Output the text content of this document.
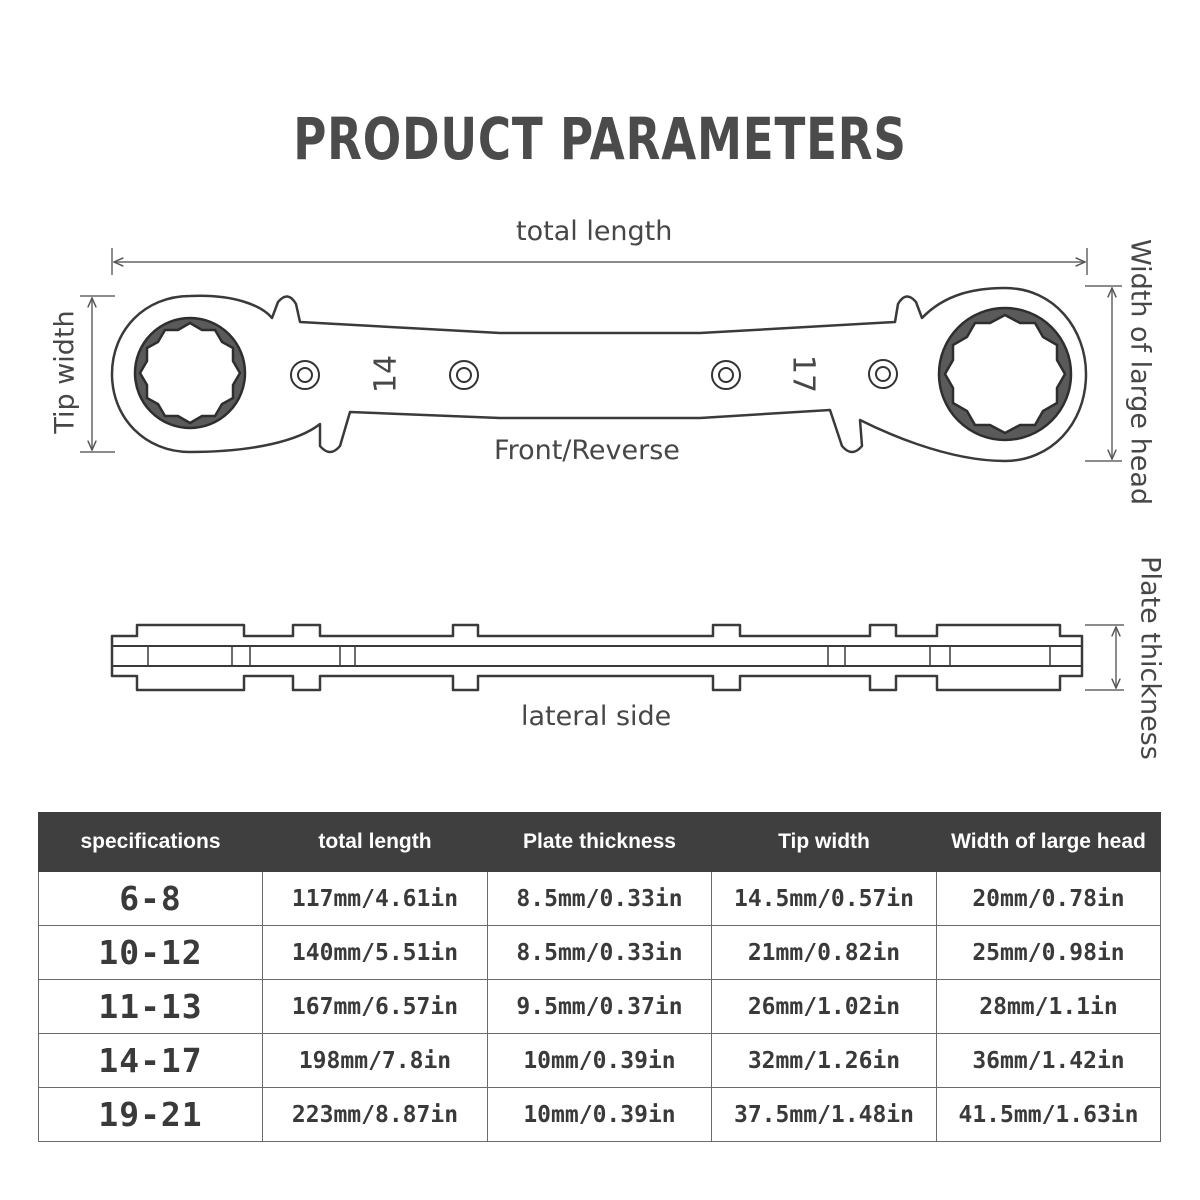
PRODUCT PARAMETERS
total length
Tip width	Width of large head
Front/Reverse
14	17
lateral side	Plate thickness
specifications	total length	Plate thickness	Tip width	Width of large head
6-8	117mm/4.61in	8.5mm/0.33in	14.5mm/0.57in	20mm/0.78in
10-12	140mm/5.51in	8.5mm/0.33in	21mm/0.82in	25mm/0.98in
11-13	167mm/6.57in	9.5mm/0.37in	26mm/1.02in	28mm/1.1in
14-17	198mm/7.8in	10mm/0.39in	32mm/1.26in	36mm/1.42in
19-21	223mm/8.87in	10mm/0.39in	37.5mm/1.48in	41.5mm/1.63in
